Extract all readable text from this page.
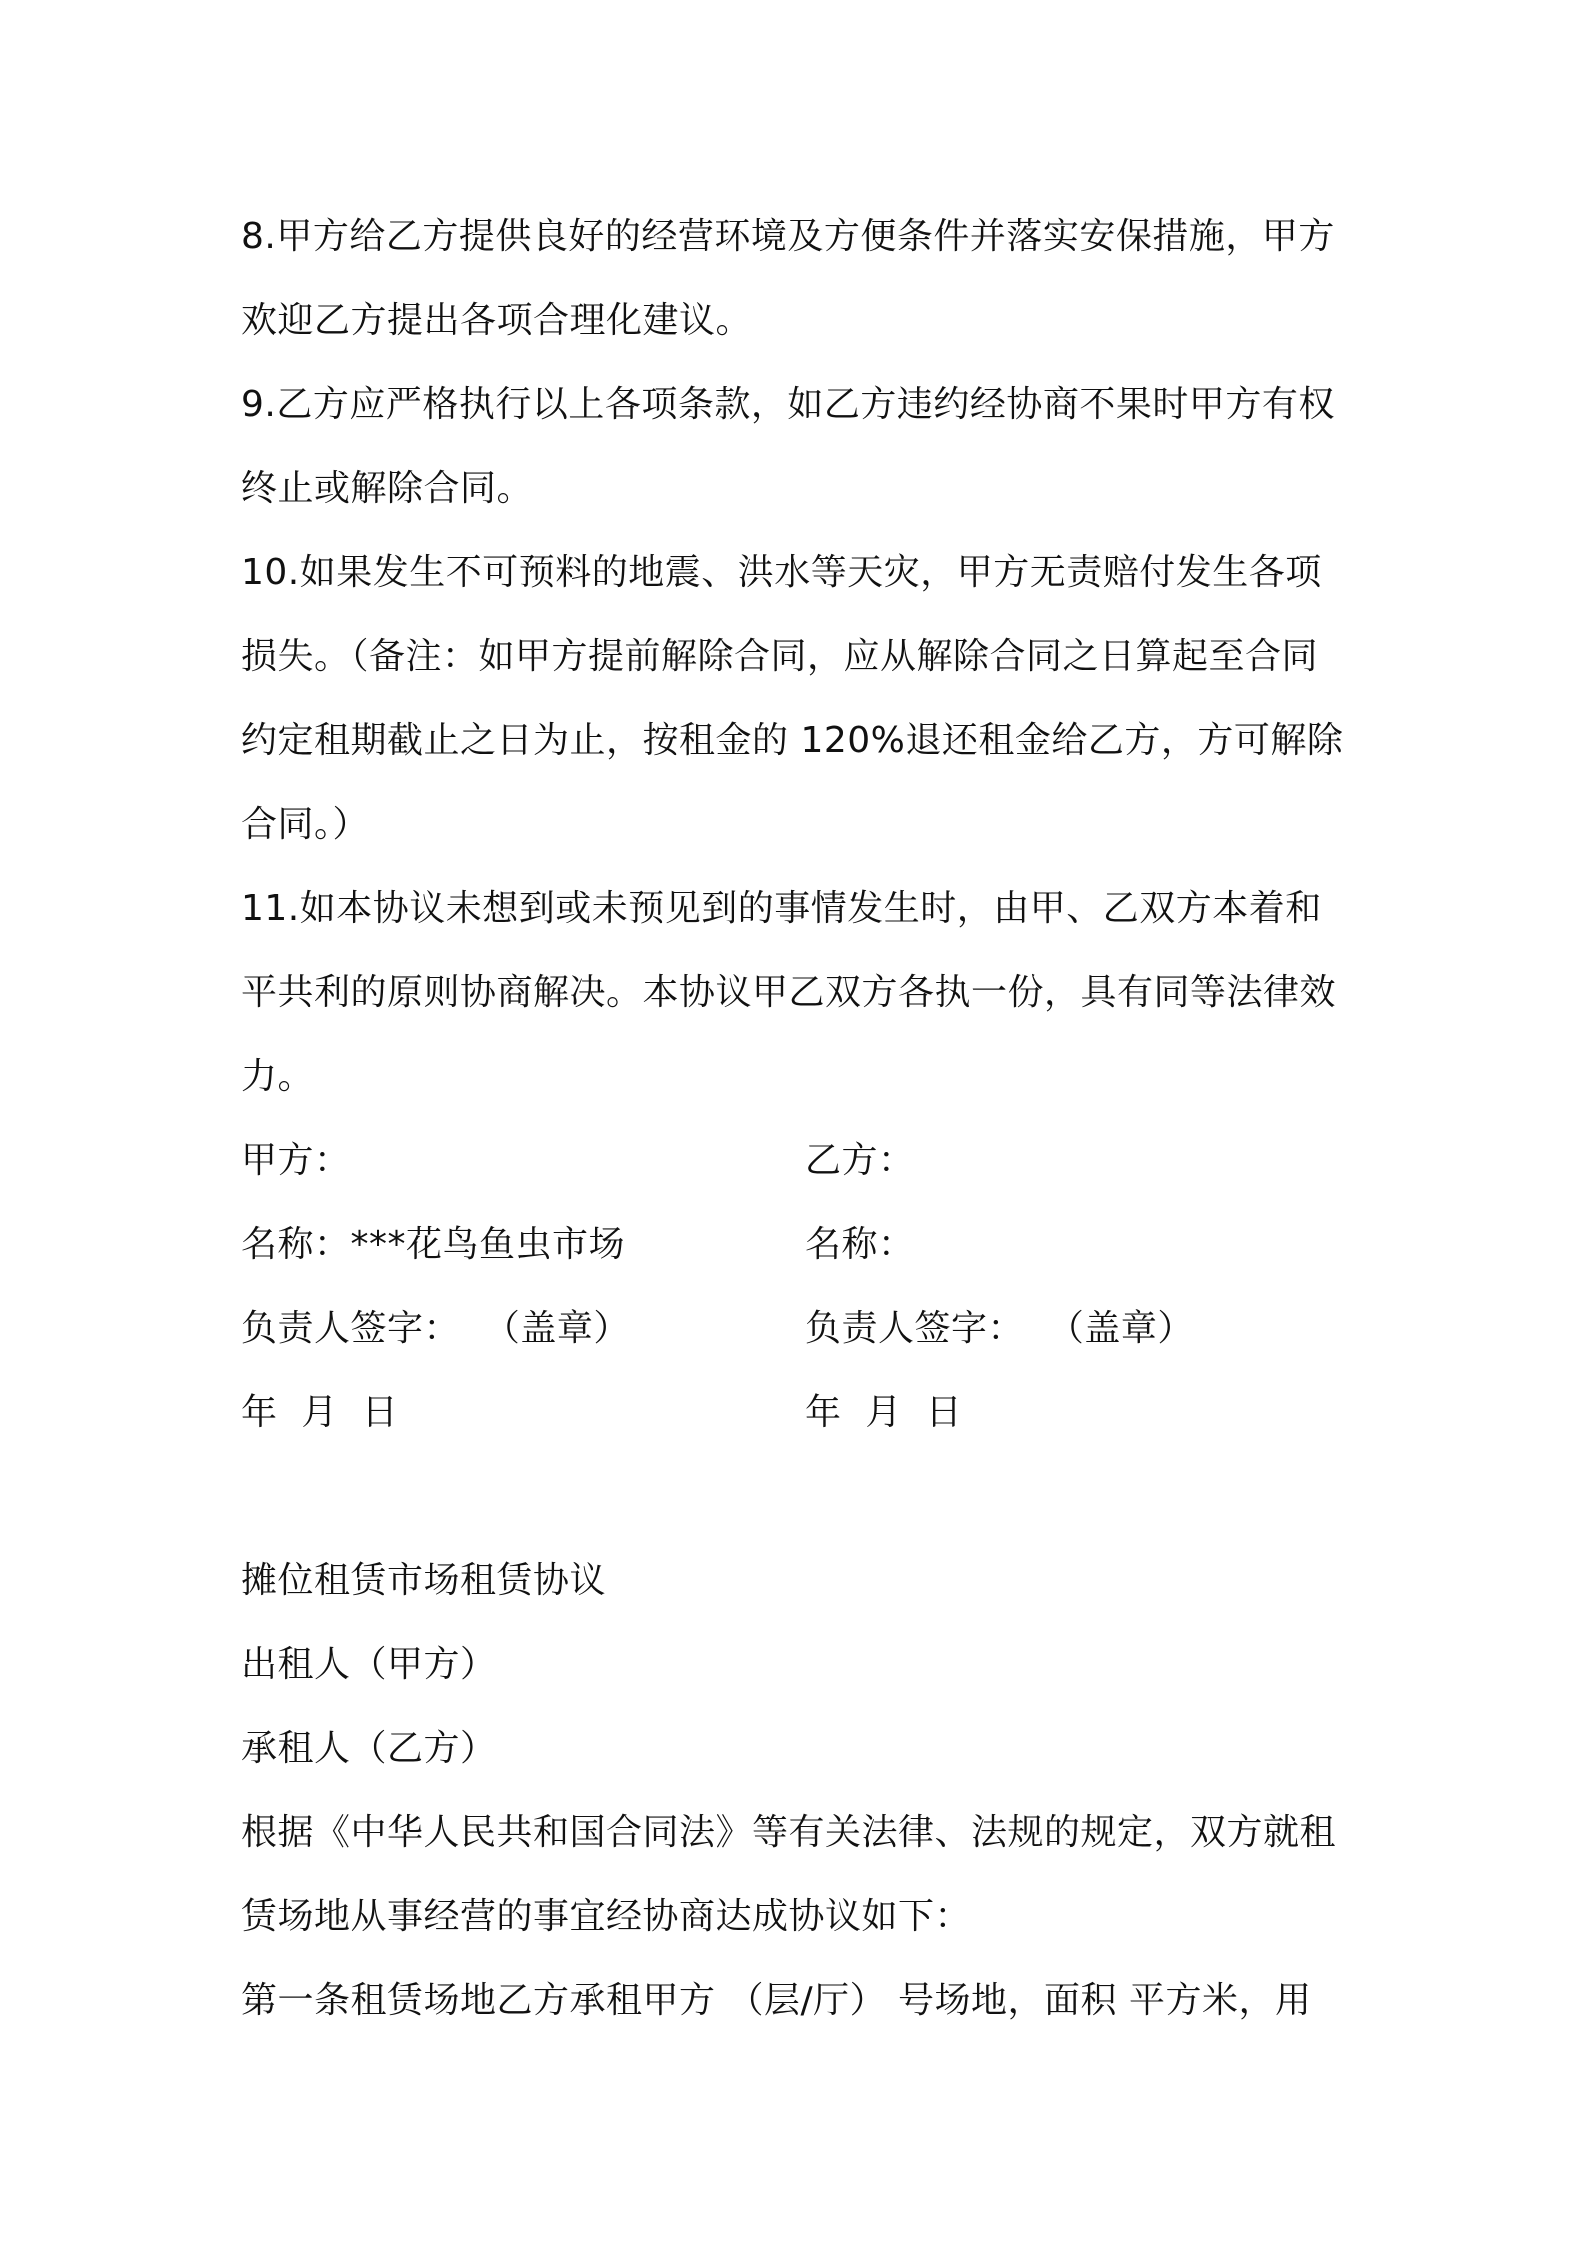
8.甲方给乙方提供良好的经营环境及方便条件并落实安保措施，甲方
欢迎乙方提出各项合理化建议。
9.乙方应严格执行以上各项条款，如乙方违约经协商不果时甲方有权
终止或解除合同。
10.如果发生不可预料的地震、洪水等天灾，甲方无责赔付发生各项
损失。（备注：如甲方提前解除合同，应从解除合同之日算起至合同
约定租期截止之日为止，按租金的 120%退还租金给乙方，方可解除
合同。）
11.如本协议未想到或未预见到的事情发生时，由甲、乙双方本着和
平共利的原则协商解决。本协议甲乙双方各执一份，具有同等法律效
力。
甲方：	乙方：
名称：***花鸟鱼虫市场	名称：
负责人签字：  （盖章）	负责人签字：  （盖章）
年  月  日	年  月  日
摊位租赁市场租赁协议
出租人（甲方）
承租人（乙方）
根据《中华人民共和国合同法》等有关法律、法规的规定，双方就租
赁场地从事经营的事宜经协商达成协议如下：
第一条租赁场地乙方承租甲方 （层/厅） 号场地，面积 平方米，用
